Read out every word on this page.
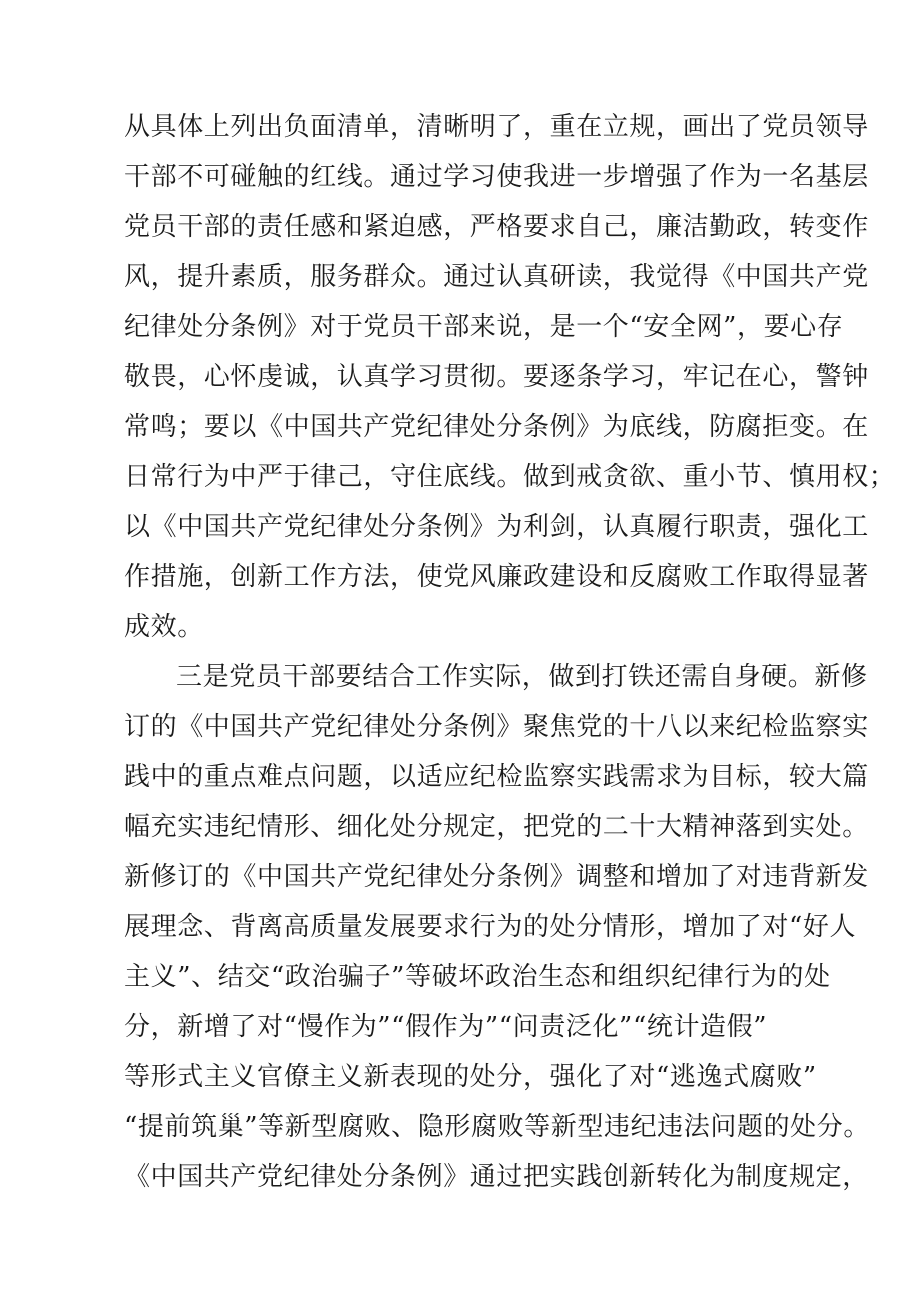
从具体上列出负面清单，清晰明了，重在立规，画出了党员领导
干部不可碰触的红线。通过学习使我进一步增强了作为一名基层
党员干部的责任感和紧迫感，严格要求自己，廉洁勤政，转变作
风，提升素质，服务群众。通过认真研读，我觉得《中国共产党
纪律处分条例》对于党员干部来说，是一个“安全网”，要心存
敬畏，心怀虔诚，认真学习贯彻。要逐条学习，牢记在心，警钟
常鸣；要以《中国共产党纪律处分条例》为底线，防腐拒变。在
日常行为中严于律己，守住底线。做到戒贪欲、重小节、慎用权；
以《中国共产党纪律处分条例》为利剑，认真履行职责，强化工
作措施，创新工作方法，使党风廉政建设和反腐败工作取得显著
成效。
三是党员干部要结合工作实际，做到打铁还需自身硬。新修
订的《中国共产党纪律处分条例》聚焦党的十八以来纪检监察实
践中的重点难点问题，以适应纪检监察实践需求为目标，较大篇
幅充实违纪情形、细化处分规定，把党的二十大精神落到实处。
新修订的《中国共产党纪律处分条例》调整和增加了对违背新发
展理念、背离高质量发展要求行为的处分情形，增加了对“好人
主义”、结交“政治骗子”等破坏政治生态和组织纪律行为的处
分，新增了对“慢作为”“假作为”“问责泛化”“统计造假”
等形式主义官僚主义新表现的处分，强化了对“逃逸式腐败”
“提前筑巢”等新型腐败、隐形腐败等新型违纪违法问题的处分。
《中国共产党纪律处分条例》通过把实践创新转化为制度规定，
